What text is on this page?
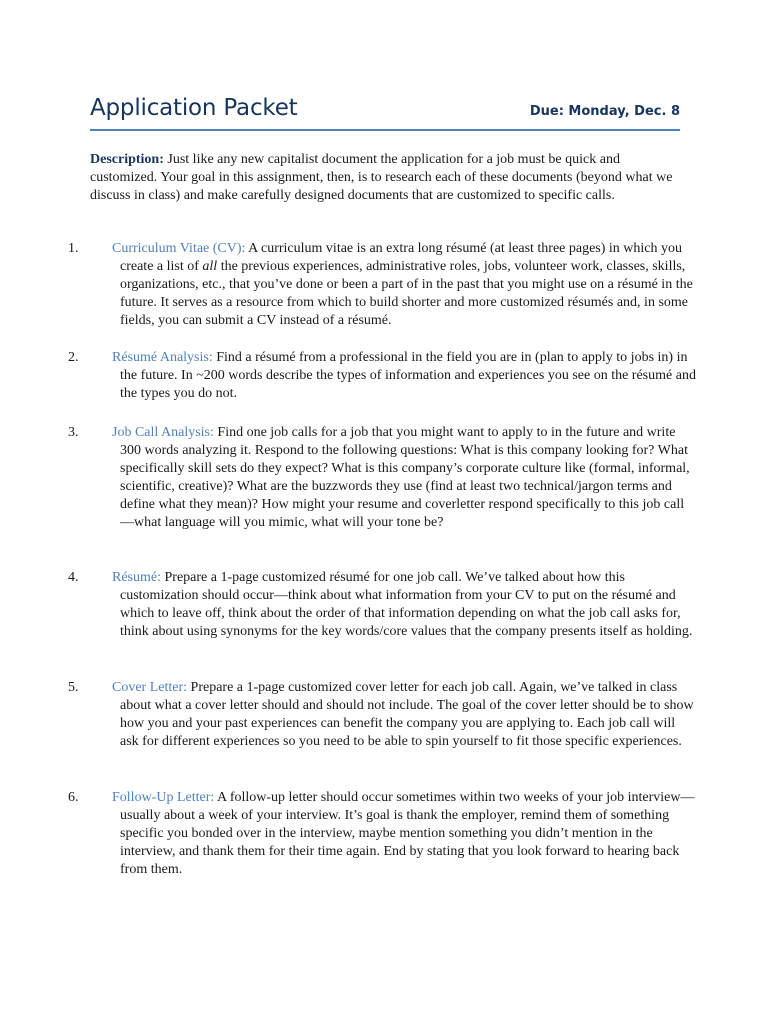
Application Packet	Due: Monday, Dec. 8
Description: Just like any new capitalist document the application for a job must be quick and customized. Your goal in this assignment, then, is to research each of these documents (beyond what we discuss in class) and make carefully designed documents that are customized to specific calls.
1.	Curriculum Vitae (CV): A curriculum vitae is an extra long résumé (at least three pages) in which you create a list of all the previous experiences, administrative roles, jobs, volunteer work, classes, skills, organizations, etc., that you’ve done or been a part of in the past that you might use on a résumé in the future. It serves as a resource from which to build shorter and more customized résumés and, in some fields, you can submit a CV instead of a résumé.
2.	Résumé Analysis: Find a résumé from a professional in the field you are in (plan to apply to jobs in) in the future. In ~200 words describe the types of information and experiences you see on the résumé and the types you do not.
3.	Job Call Analysis: Find one job calls for a job that you might want to apply to in the future and write 300 words analyzing it. Respond to the following questions: What is this company looking for? What specifically skill sets do they expect? What is this company’s corporate culture like (formal, informal, scientific, creative)? What are the buzzwords they use (find at least two technical/jargon terms and define what they mean)? How might your resume and coverletter respond specifically to this job call—what language will you mimic, what will your tone be?
4.	Résumé: Prepare a 1-page customized résumé for one job call. We’ve talked about how this customization should occur—think about what information from your CV to put on the résumé and which to leave off, think about the order of that information depending on what the job call asks for, think about using synonyms for the key words/core values that the company presents itself as holding.
5.	Cover Letter: Prepare a 1-page customized cover letter for each job call. Again, we’ve talked in class about what a cover letter should and should not include. The goal of the cover letter should be to show how you and your past experiences can benefit the company you are applying to. Each job call will ask for different experiences so you need to be able to spin yourself to fit those specific experiences.
6.	Follow-Up Letter: A follow-up letter should occur sometimes within two weeks of your job interview—usually about a week of your interview. It’s goal is thank the employer, remind them of something specific you bonded over in the interview, maybe mention something you didn’t mention in the interview, and thank them for their time again. End by stating that you look forward to hearing back from them.
